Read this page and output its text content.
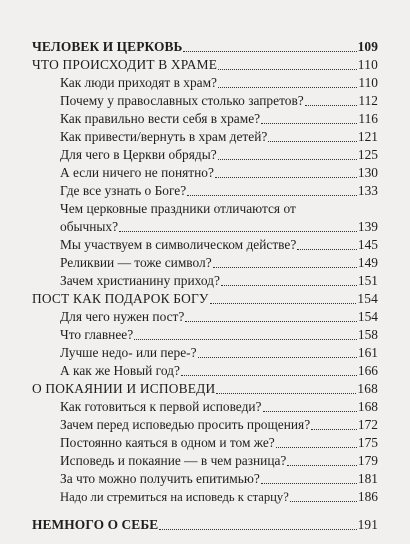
ЧЕЛОВЕК И ЦЕРКОВЬ	109
ЧТО ПРОИСХОДИТ В ХРАМЕ	110
Как люди приходят в храм?	110
Почему у православных столько запретов?	112
Как правильно вести себя в храме?	116
Как привести/вернуть в храм детей?	121
Для чего в Церкви обряды?	125
А если ничего не понятно?	130
Где все узнать о Боге?	133
Чем церковные праздники отличаются от
обычных?	139
Мы участвуем в символическом действе?	145
Реликвии — тоже символ?	149
Зачем христианину приход?	151
ПОСТ КАК ПОДАРОК БОГУ	154
Для чего нужен пост?	154
Что главнее?	158
Лучше недо- или пере-?	161
А как же Новый год?	166
О ПОКАЯНИИ И ИСПОВЕДИ	168
Как готовиться к первой исповеди?	168
Зачем перед исповедью просить прощения?	172
Постоянно каяться в одном и том же?	175
Исповедь и покаяние — в чем разница?	179
За что можно получить епитимью?	181
Надо ли стремиться на исповедь к старцу?	186
НЕМНОГО О СЕБЕ	191
